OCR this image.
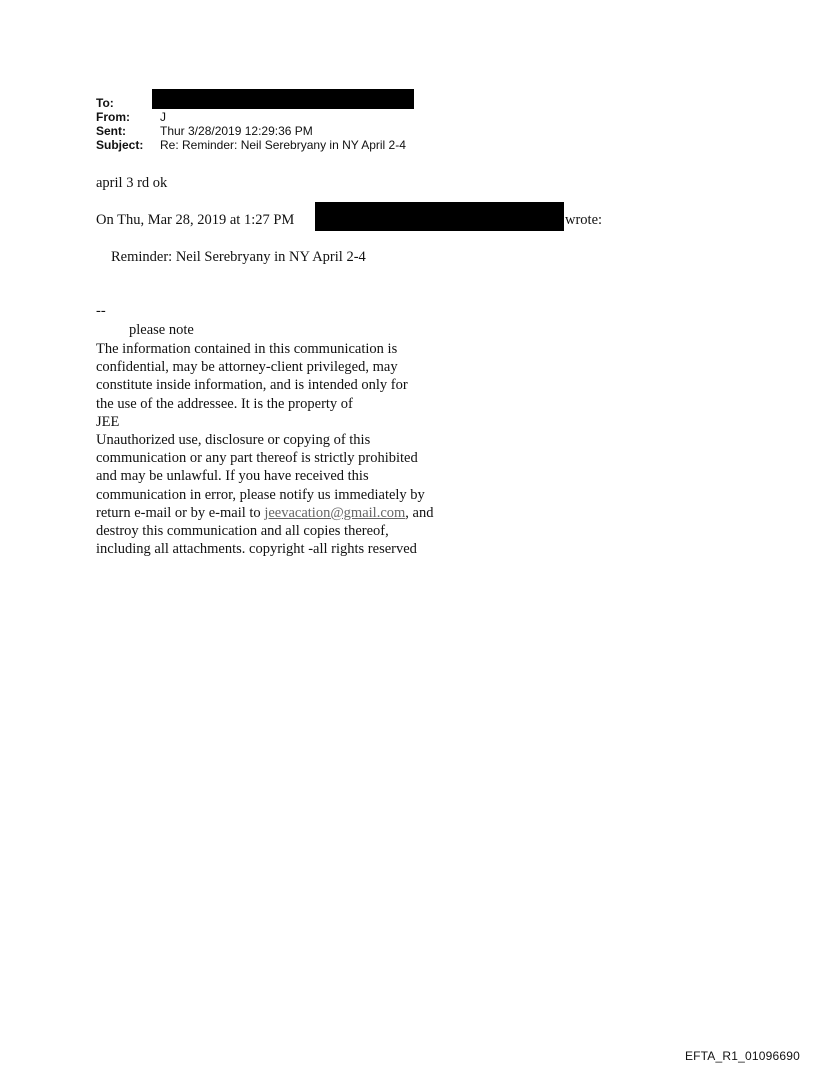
To:
From:	J
Sent:	Thur 3/28/2019 12:29:36 PM
Subject:	Re: Reminder: Neil Serebryany in NY April 2-4
april 3 rd ok
On Thu, Mar 28, 2019 at 1:27 PM	wrote:
Reminder: Neil Serebryany in NY April 2-4
--
please note
The information contained in this communication is
confidential, may be attorney-client privileged, may
constitute inside information, and is intended only for
the use of the addressee. It is the property of
JEE
Unauthorized use, disclosure or copying of this
communication or any part thereof is strictly prohibited
and may be unlawful. If you have received this
communication in error, please notify us immediately by
return e-mail or by e-mail to jeevacation@gmail.com, and
destroy this communication and all copies thereof,
including all attachments. copyright -all rights reserved
EFTA_R1_01096690
